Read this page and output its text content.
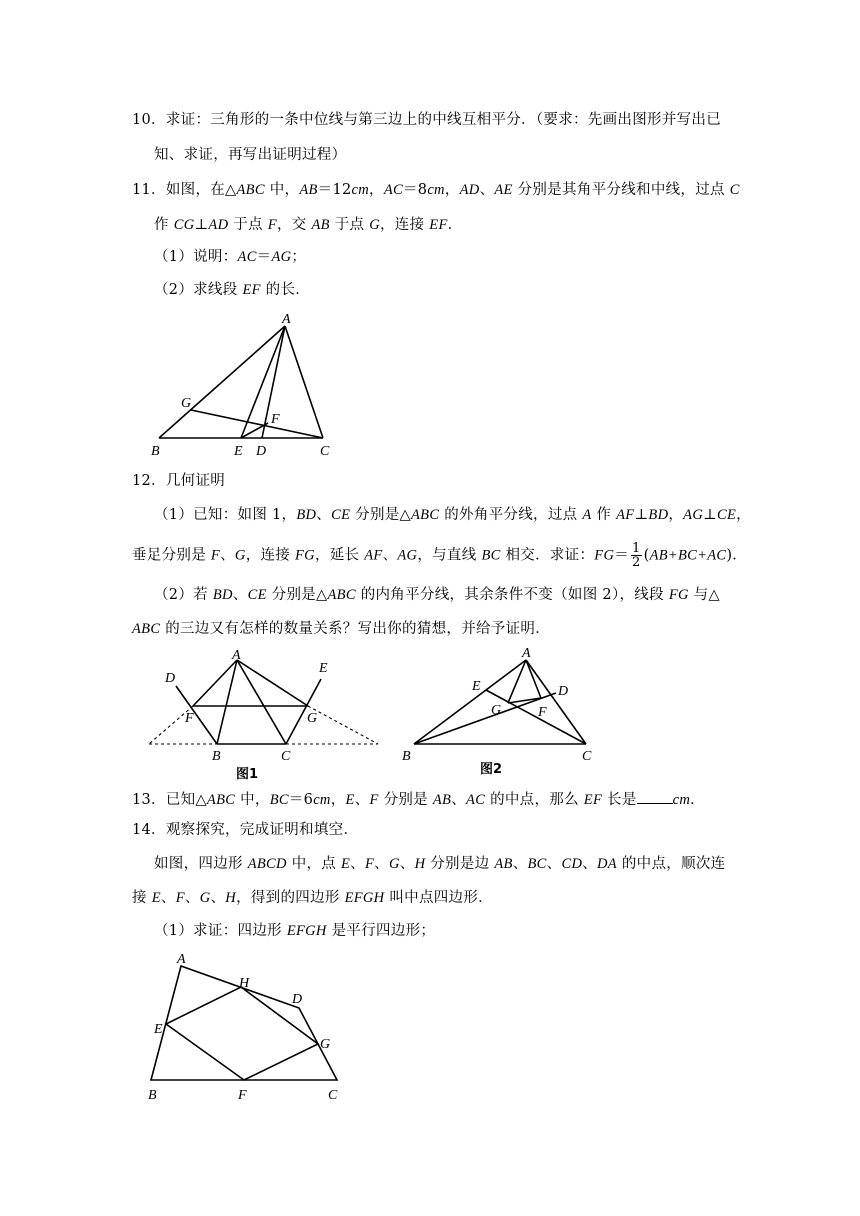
10．求证：三角形的一条中位线与第三边上的中线互相平分．（要求：先画出图形并写出已
知、求证，再写出证明过程）
11．如图，在△ABC 中，AB＝12cm，AC＝8cm，AD、AE 分别是其角平分线和中线，过点 C
作 CG⊥AD 于点 F，交 AB 于点 G，连接 EF．
（1）说明：AC＝AG；
（2）求线段 EF 的长．
A
G
F
B	E D	C
12．几何证明
（1）已知：如图 1，BD、CE 分别是△ABC 的外角平分线，过点 A 作 AF⊥BD，AG⊥CE，
垂足分别是 F、G，连接 FG，延长 AF、AG，与直线 BC 相交．求证：$FG= \frac{1}{2} (AB+BC+AC)$．
（2）若 BD、CE 分别是△ABC 的内角平分线，其余条件不变（如图 2），线段 FG 与△
ABC 的三边又有怎样的数量关系？写出你的猜想，并给予证明．
A
D
E
F	G
B	C
图1
A
E	D
G	F
B	C
图2
13．已知△ABC 中，BC＝6cm，E、F 分别是 AB、AC 的中点，那么 EF 长是 cm．
14．观察探究，完成证明和填空．
如图，四边形 ABCD 中，点 E、F、G、H 分别是边 AB、BC、CD、DA 的中点，顺次连
接 E、F、G、H，得到的四边形 EFGH 叫中点四边形．
（1）求证：四边形 EFGH 是平行四边形；
A
H
D
E
G
B	F	C
